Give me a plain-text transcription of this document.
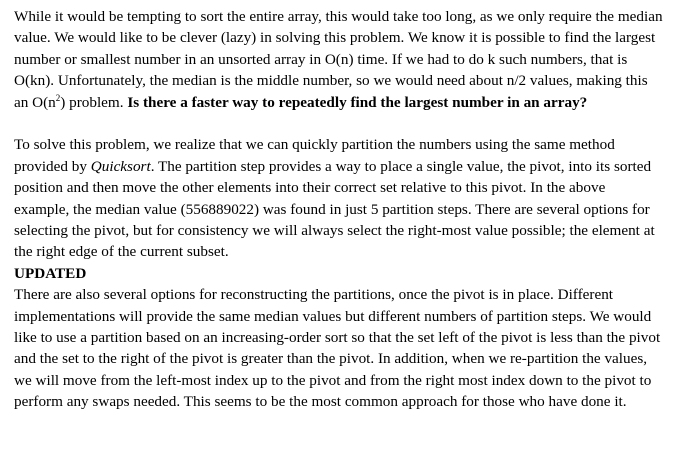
While it would be tempting to sort the entire array, this would take too long, as we only require the median value. We would like to be clever (lazy) in solving this problem. We know it is possible to find the largest number or smallest number in an unsorted array in O(n) time. If we had to do k such numbers, that is O(kn). Unfortunately, the median is the middle number, so we would need about n/2 values, making this an $O(n^2)$ problem. Is there a faster way to repeatedly find the largest number in an array?

To solve this problem, we realize that we can quickly partition the numbers using the same method provided by Quicksort. The partition step provides a way to place a single value, the pivot, into its sorted position and then move the other elements into their correct set relative to this pivot. In the above example, the median value (556889022) was found in just 5 partition steps. There are several options for selecting the pivot, but for consistency we will always select the right-most value possible; the element at the right edge of the current subset.

UPDATED

There are also several options for reconstructing the partitions, once the pivot is in place. Different implementations will provide the same median values but different numbers of partition steps. We would like to use a partition based on an increasing-order sort so that the set left of the pivot is less than the pivot and the set to the right of the pivot is greater than the pivot. In addition, when we re-partition the values, we will move from the left-most index up to the pivot and from the right most index down to the pivot to perform any swaps needed. This seems to be the most common approach for those who have done it.
